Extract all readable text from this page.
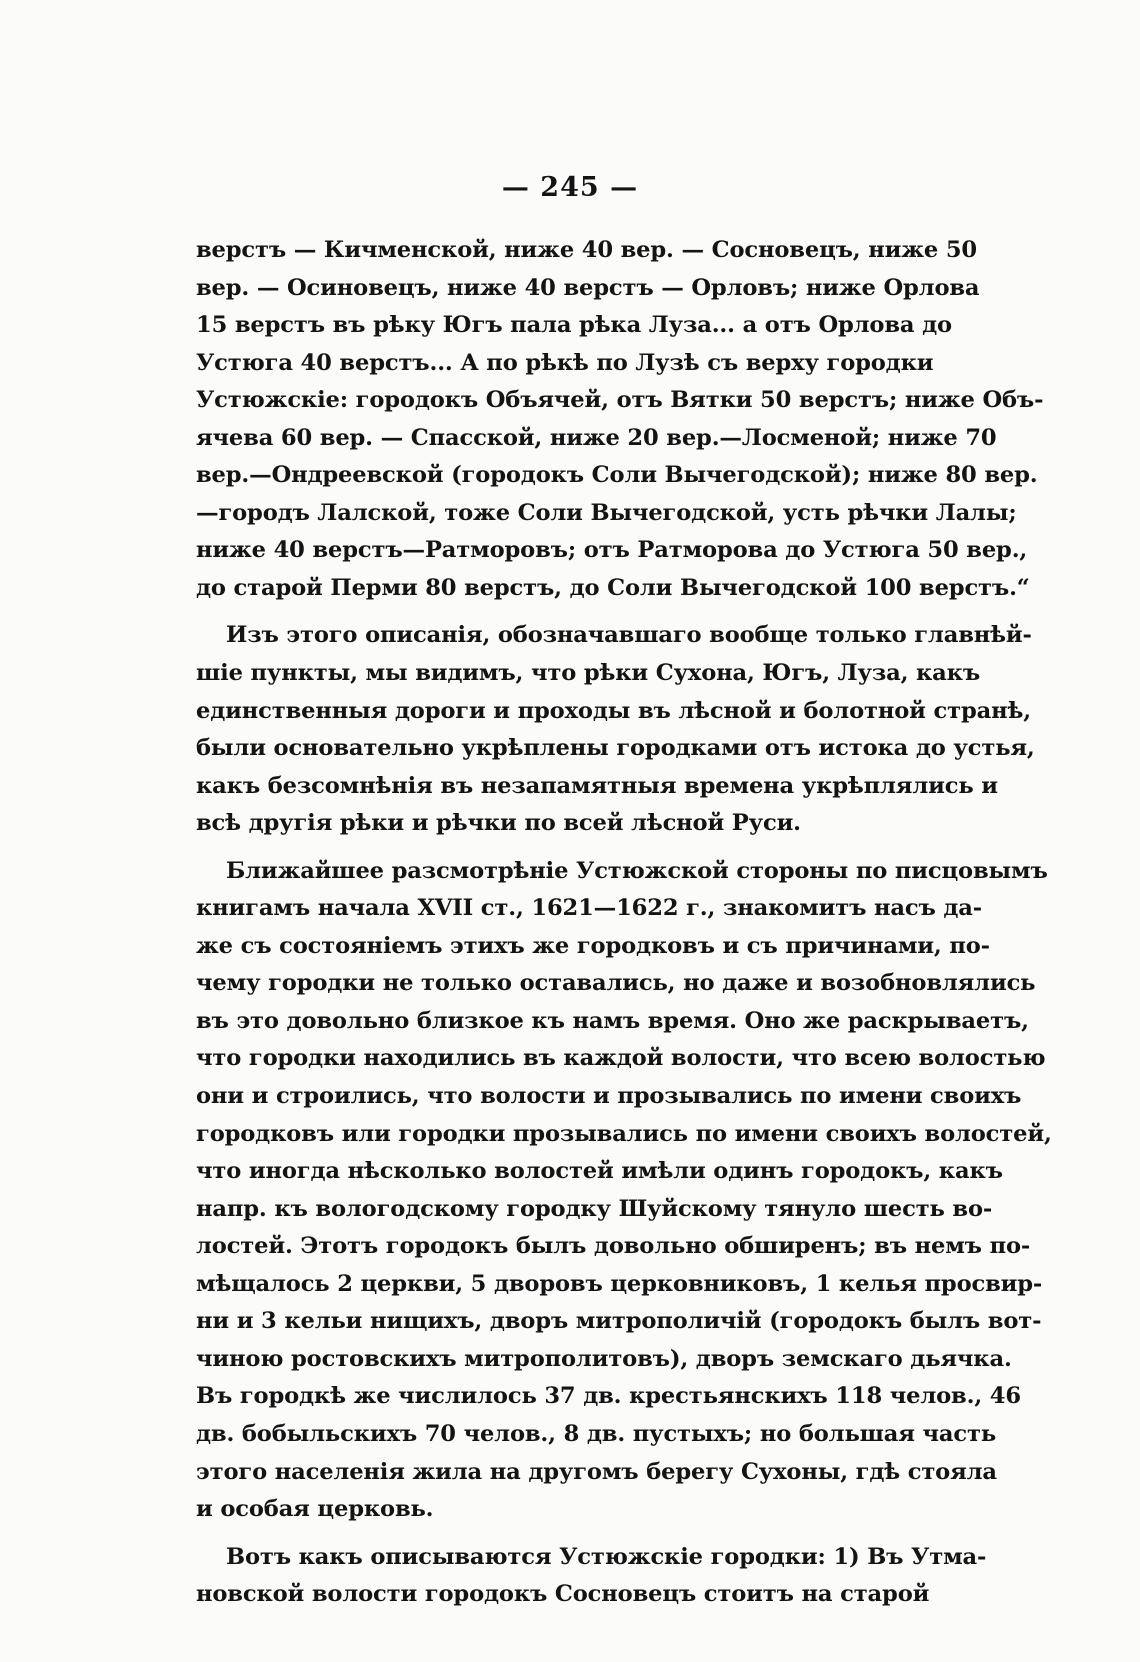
— 245 —
верстъ — Кичменской, ниже 40 вер. — Сосновецъ, ниже 50
вер. — Осиновецъ, ниже 40 верстъ — Орловъ; ниже Орлова
15 верстъ въ рѣку Югъ пала рѣка Луза... а отъ Орлова до
Устюга 40 верстъ... А по рѣкѣ по Лузѣ съ верху городки
Устюжскіе: городокъ Объячей, отъ Вятки 50 верстъ; ниже Объ-
ячева 60 вер. — Спасской, ниже 20 вер.—Лосменой; ниже 70
вер.—Ондреевской (городокъ Соли Вычегодской); ниже 80 вер.
—городъ Лалской, тоже Соли Вычегодской, усть рѣчки Лалы;
ниже 40 верстъ—Ратморовъ; отъ Ратморова до Устюга 50 вер.,
до старой Перми 80 верстъ, до Соли Вычегодской 100 верстъ.“
Изъ этого описанія, обозначавшаго вообще только главнѣй-
шіе пункты, мы видимъ, что рѣки Сухона, Югъ, Луза, какъ
единственныя дороги и проходы въ лѣсной и болотной странѣ,
были основательно укрѣплены городками отъ истока до устья,
какъ безсомнѣнія въ незапамятныя времена укрѣплялись и
всѣ другія рѣки и рѣчки по всей лѣсной Руси.
Ближайшее разсмотрѣніе Устюжской стороны по писцовымъ
книгамъ начала XVII ст., 1621—1622 г., знакомитъ насъ да-
же съ состояніемъ этихъ же городковъ и съ причинами, по-
чему городки не только оставались, но даже и возобновлялись
въ это довольно близкое къ намъ время. Оно же раскрываетъ,
что городки находились въ каждой волости, что всею волостью
они и строились, что волости и прозывались по имени своихъ
городковъ или городки прозывались по имени своихъ волостей,
что иногда нѣсколько волостей имѣли одинъ городокъ, какъ
напр. къ вологодскому городку Шуйскому тянуло шесть во-
лостей. Этотъ городокъ былъ довольно обширенъ; въ немъ по-
мѣщалось 2 церкви, 5 дворовъ церковниковъ, 1 келья просвир-
ни и 3 кельи нищихъ, дворъ митрополичій (городокъ былъ вот-
чиною ростовскихъ митрополитовъ), дворъ земскаго дьячка.
Въ городкѣ же числилось 37 дв. крестьянскихъ 118 челов., 46
дв. бобыльскихъ 70 челов., 8 дв. пустыхъ; но большая часть
этого населенія жила на другомъ берегу Сухоны, гдѣ стояла
и особая церковь.
Вотъ какъ описываются Устюжскіе городки: 1) Въ Утма-
новской волости городокъ Сосновецъ стоитъ на старой
